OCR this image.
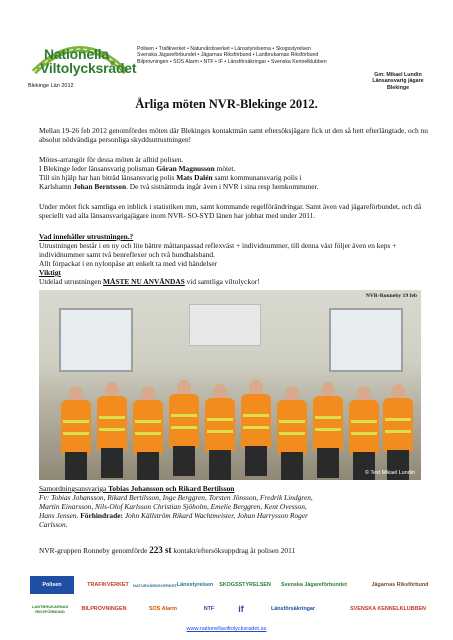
Nationella
Viltolycksrådet
Blekinge Län 2012
Polisen • Trafikverket • Naturvårdsverket • Länsstyrelserna • Skogsstyrelsen
Svenska Jägareförbundet • Jägarnas Riksförbund • Lantbrukarnas Riksförbund
Bilprovningen • SOS Alarm • NTF • IF • Länsförsäkringar • Svenska Kennelklubben
Gm: Mikael Lundin
Länsansvarig jägare
Blekinge
Årliga möten NVR-Blekinge 2012.
Mellan 19-26 feb 2012 genomfördes möten där Blekinges kontaktmän samt eftersöksjägare fick ut den så hett efterlängtade, och nu absolut nödvändiga personliga skyddsutrustningen!
Mötes-arrangör för dessa möten är alltid polisen.
I Blekinge leder länsansvarig polisman Göran Magnusson mötet.
Till sin hjälp har han biträd länsansvarig polis Mats Dalén samt kommunansvarig polis i
Karlshamn Johan Berntsson. De två sistnämnda ingår även i NVR i sina resp hemkommuner.
Under mötet fick samtliga en inblick i statistiken mm, samt kommande regelförändringar. Samt även vad jägareförbundet, och då speciellt vad alla länsansvarigajägare inom NVR- SO-SYD länen har jobbat med under 2011.
Vad innehåller utrustningen.?
Utrustningen består i en ny och lite bättre måttanpassad reflexväst + individnummer, till denna väst följer även en keps + individnummer samt två benreflexer och två hundhalsband.
Allt förpackat i en nylonpåse att enkelt ta med vid händelser
Viktigt
Utdelad utrustningen MÅSTE NU ANVÄNDAS vid samtliga viltolyckor!
NVR-Ronneby 19 feb
© Text Mikael Lundin
Samordningsansvariga Tobias Johansson och Rikard Bertilsson
Fv: Tobias Johansson, Rikard Bertilsson, Inge Berggren, Torsten Jönsson, Fredrik Lindgren,
Martin Einarsson, Nils-Olof Karlsson Christian Sjöholm, Emelie Berggren, Kent Ovesson,
Hans Jensen. Förhindrade: John Källström Rikard Wachtmeister, Johan Harrysson Roger
Carlsson.
NVR-gruppen Ronneby genomförde 223 st kontakt/eftersöksuppdrag åt polisen 2011
Polisen	TRAFIKVERKET	NATURVÅRDSVERKET Länsstyrelsen	SKOGSSTYRELSEN	Svenska Jägareförbundet	Jägarnas Riksförbund
LANTBRUKARNAS RIKSFÖRBUND	BILPROVNINGEN	SOS Alarm	NTF	if	Länsförsäkringar	SVENSKA KENNELKLUBBEN
www.nationellaviltolycksradet.se
